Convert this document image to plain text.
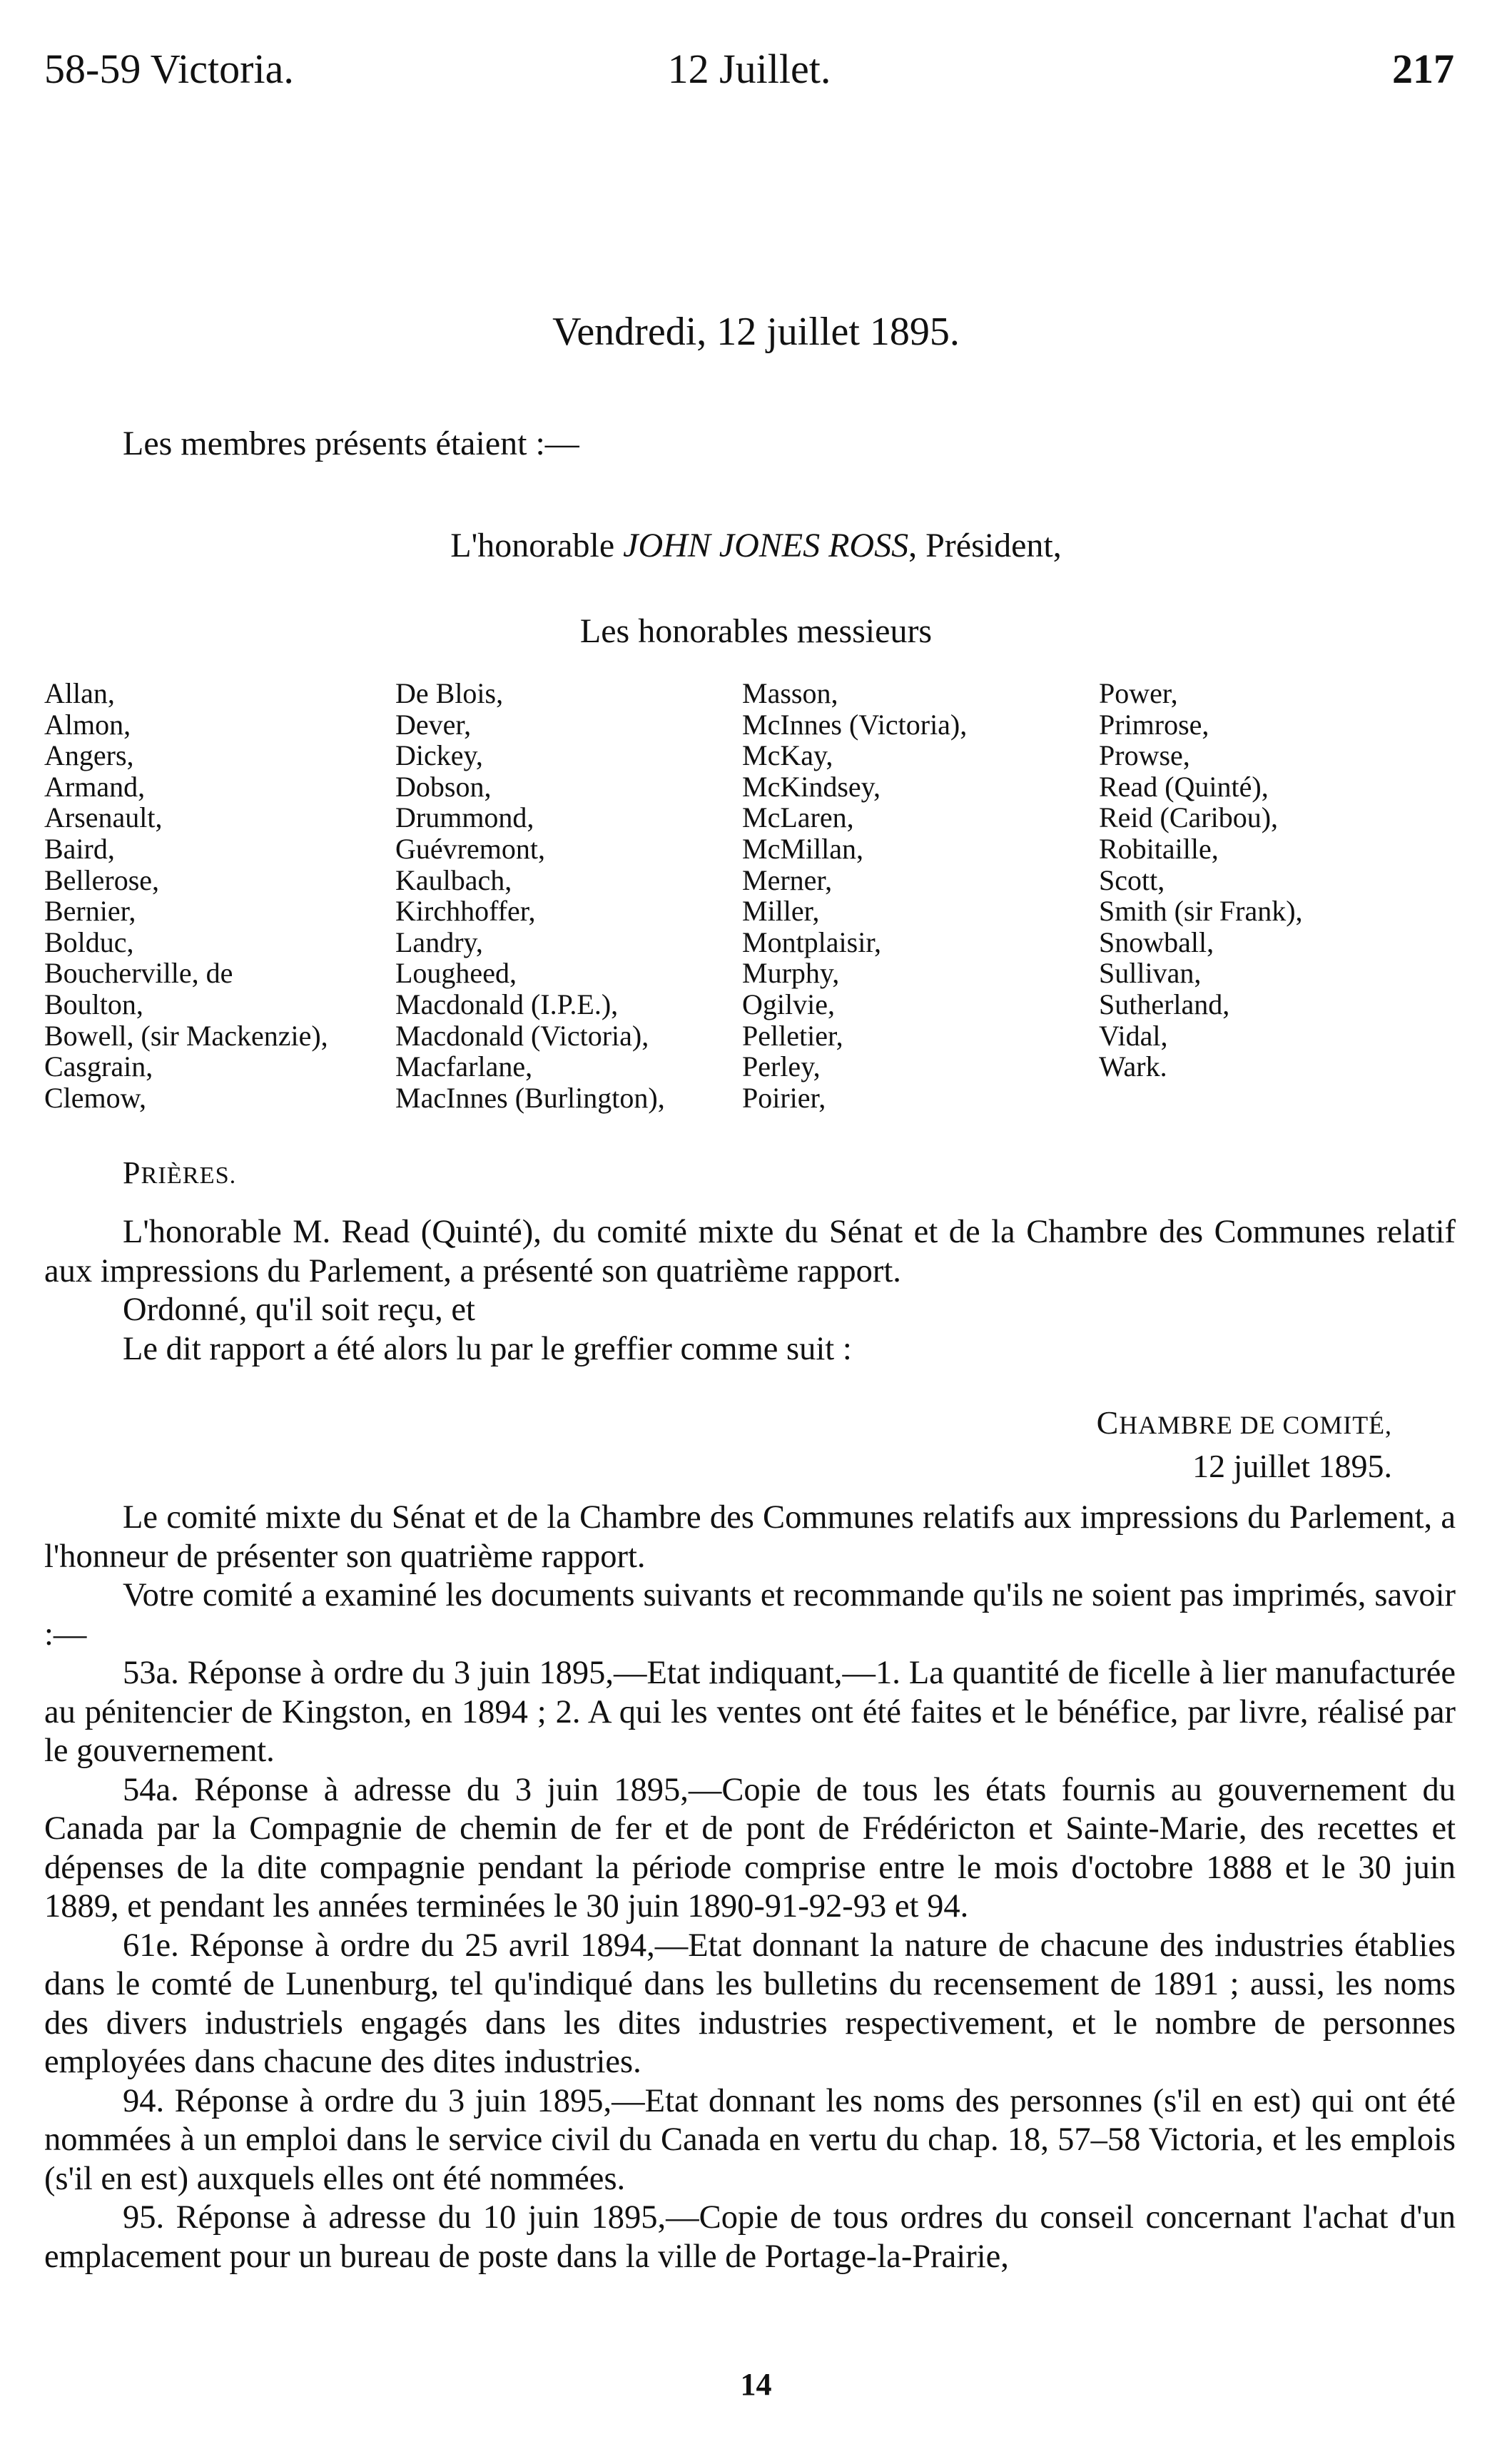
58-59 Victoria.	12 Juillet.	217
Vendredi, 12 juillet 1895.
Les membres présents étaient :—
L'honorable JOHN JONES ROSS, Président,
Les honorables messieurs
Allan,
Almon,
Angers,
Armand,
Arsenault,
Baird,
Bellerose,
Bernier,
Bolduc,
Boucherville, de
Boulton,
Bowell, (sir Mackenzie),
Casgrain,
Clemow,
De Blois,
Dever,
Dickey,
Dobson,
Drummond,
Guévremont,
Kaulbach,
Kirchhoffer,
Landry,
Lougheed,
Macdonald (I.P.E.),
Macdonald (Victoria),
Macfarlane,
MacInnes (Burlington),
Masson,
McInnes (Victoria),
McKay,
McKindsey,
McLaren,
McMillan,
Merner,
Miller,
Montplaisir,
Murphy,
Ogilvie,
Pelletier,
Perley,
Poirier,
Power,
Primrose,
Prowse,
Read (Quinté),
Reid (Caribou),
Robitaille,
Scott,
Smith (sir Frank),
Snowball,
Sullivan,
Sutherland,
Vidal,
Wark.
PRIÈRES.

L'honorable M. Read (Quinté), du comité mixte du Sénat et de la Chambre des Communes relatif aux impressions du Parlement, a présenté son quatrième rapport.

Ordonné, qu'il soit reçu, et

Le dit rapport a été alors lu par le greffier comme suit :

CHAMBRE DE COMITÉ,
12 juillet 1895.

Le comité mixte du Sénat et de la Chambre des Communes relatifs aux impressions du Parlement, a l'honneur de présenter son quatrième rapport.

Votre comité a examiné les documents suivants et recommande qu'ils ne soient pas imprimés, savoir :—

53a. Réponse à ordre du 3 juin 1895,—Etat indiquant,—1. La quantité de ficelle à lier manufacturée au pénitencier de Kingston, en 1894 ; 2. A qui les ventes ont été faites et le bénéfice, par livre, réalisé par le gouvernement.

54a. Réponse à adresse du 3 juin 1895,—Copie de tous les états fournis au gouvernement du Canada par la Compagnie de chemin de fer et de pont de Frédéricton et Sainte-Marie, des recettes et dépenses de la dite compagnie pendant la période comprise entre le mois d'octobre 1888 et le 30 juin 1889, et pendant les années terminées le 30 juin 1890-91-92-93 et 94.

61e. Réponse à ordre du 25 avril 1894,—Etat donnant la nature de chacune des industries établies dans le comté de Lunenburg, tel qu'indiqué dans les bulletins du recensement de 1891 ; aussi, les noms des divers industriels engagés dans les dites industries respectivement, et le nombre de personnes employées dans chacune des dites industries.

94. Réponse à ordre du 3 juin 1895,—Etat donnant les noms des personnes (s'il en est) qui ont été nommées à un emploi dans le service civil du Canada en vertu du chap. 18, 57–58 Victoria, et les emplois (s'il en est) auxquels elles ont été nommées.

95. Réponse à adresse du 10 juin 1895,—Copie de tous ordres du conseil concernant l'achat d'un emplacement pour un bureau de poste dans la ville de Portage-la-Prairie,

14
